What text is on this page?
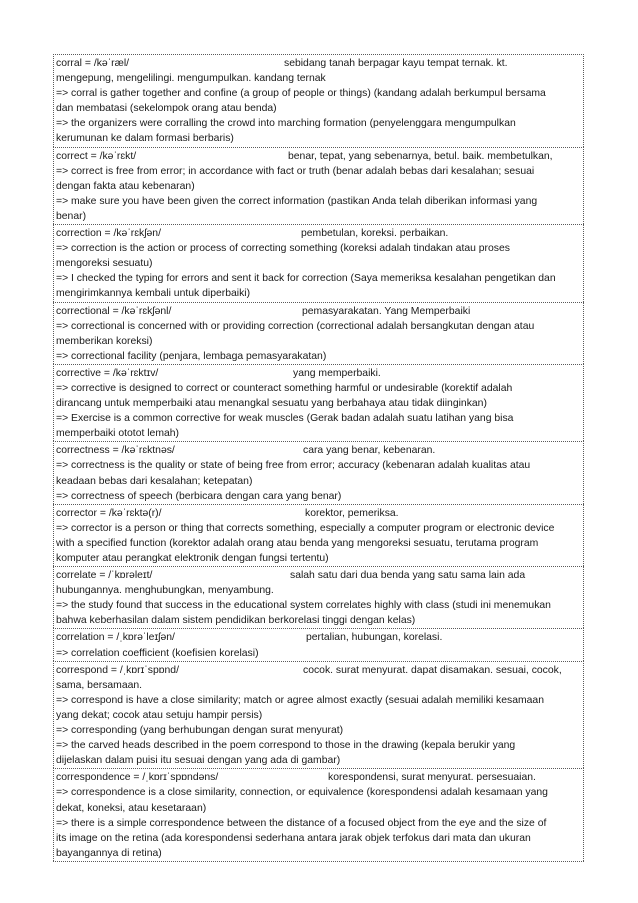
corral = /kəˈræl/	sebidang tanah berpagar kayu tempat ternak. kt.
mengepung, mengelilingi. mengumpulkan. kandang ternak
=> corral is gather together and confine (a group of people or things) (kandang adalah berkumpul bersama
dan membatasi (sekelompok orang atau benda)
=> the organizers were corralling the crowd into marching formation (penyelenggara mengumpulkan
kerumunan ke dalam formasi berbaris)
correct = /kəˈrɛkt/	benar, tepat, yang sebenarnya, betul. baik. membetulkan,
=> correct is free from error; in accordance with fact or truth (benar adalah bebas dari kesalahan; sesuai
dengan fakta atau kebenaran)
=> make sure you have been given the correct information (pastikan Anda telah diberikan informasi yang
benar)
correction = /kəˈrɛkʃən/	pembetulan, koreksi. perbaikan.
=> correction is the action or process of correcting something (koreksi adalah tindakan atau proses
mengoreksi sesuatu)
=> I checked the typing for errors and sent it back for correction (Saya memeriksa kesalahan pengetikan dan
mengirimkannya kembali untuk diperbaiki)
correctional = /kəˈrɛkʃənl/	pemasyarakatan. Yang Memperbaiki
=> correctional is concerned with or providing correction (correctional adalah bersangkutan dengan atau
memberikan koreksi)
=> correctional facility (penjara, lembaga pemasyarakatan)
corrective = /kəˈrɛktɪv/	yang memperbaiki.
=> corrective is designed to correct or counteract something harmful or undesirable (korektif adalah
dirancang untuk memperbaiki atau menangkal sesuatu yang berbahaya atau tidak diinginkan)
=> Exercise is a common corrective for weak muscles (Gerak badan adalah suatu latihan yang bisa
memperbaiki ototot lemah)
correctness = /kəˈrɛktnəs/	cara yang benar, kebenaran.
=> correctness is the quality or state of being free from error; accuracy (kebenaran adalah kualitas atau
keadaan bebas dari kesalahan; ketepatan)
=> correctness of speech (berbicara dengan cara yang benar)
corrector = /kəˈrɛktə(r)/	korektor, pemeriksa.
=> corrector is a person or thing that corrects something, especially a computer program or electronic device
with a specified function (korektor adalah orang atau benda yang mengoreksi sesuatu, terutama program
komputer atau perangkat elektronik dengan fungsi tertentu)
correlate = /ˈkɒrəleɪt/	salah satu dari dua benda yang satu sama lain ada
hubungannya. menghubungkan, menyambung.
=> the study found that success in the educational system correlates highly with class (studi ini menemukan
bahwa keberhasilan dalam sistem pendidikan berkorelasi tinggi dengan kelas)
correlation = /ˌkɒrəˈleɪʃən/	pertalian, hubungan, korelasi.
=> correlation coefficient (koefisien korelasi)
correspond = /ˌkɒrɪˈspɒnd/	cocok. surat menyurat. dapat disamakan. sesuai, cocok,
sama, bersamaan.
=> correspond is have a close similarity; match or agree almost exactly (sesuai adalah memiliki kesamaan
yang dekat; cocok atau setuju hampir persis)
=> corresponding (yang berhubungan dengan surat menyurat)
=> the carved heads described in the poem correspond to those in the drawing (kepala berukir yang
dijelaskan dalam puisi itu sesuai dengan yang ada di gambar)
correspondence = /ˌkɒrɪˈspɒndəns/	korespondensi, surat menyurat. persesuaian.
=> correspondence is a close similarity, connection, or equivalence (korespondensi adalah kesamaan yang
dekat, koneksi, atau kesetaraan)
=> there is a simple correspondence between the distance of a focused object from the eye and the size of
its image on the retina (ada korespondensi sederhana antara jarak objek terfokus dari mata dan ukuran
bayangannya di retina)
